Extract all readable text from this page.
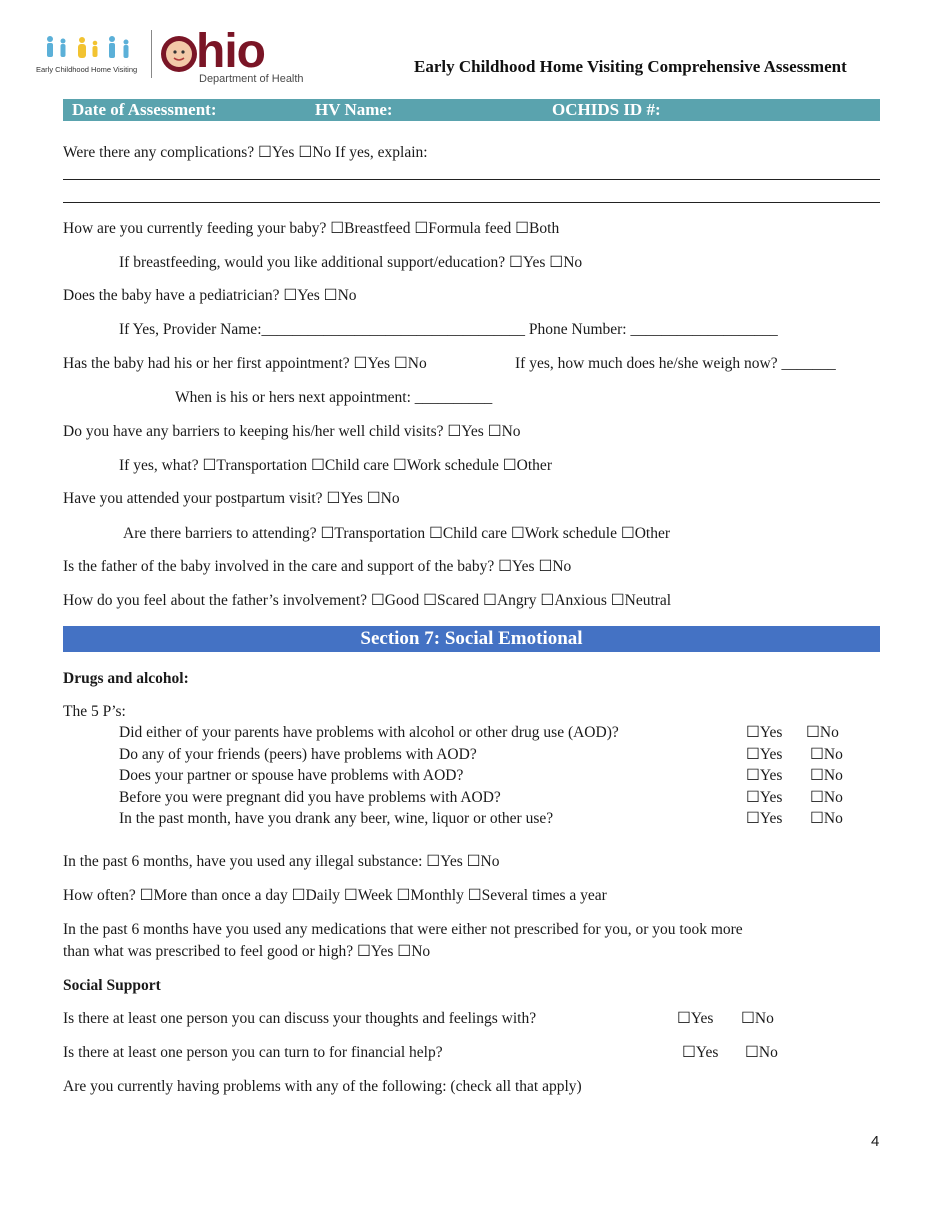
Early Childhood Home Visiting hio
Department of Health
Early Childhood Home Visiting Comprehensive Assessment
Date of Assessment:	HV Name:	OCHIDS ID #:
Were there any complications? ☐Yes ☐No If yes, explain:
How are you currently feeding your baby? ☐Breastfeed ☐Formula feed ☐Both
If breastfeeding, would you like additional support/education? ☐Yes ☐No
Does the baby have a pediatrician? ☐Yes ☐No
If Yes, Provider Name:__________________________________ Phone Number: ___________________
Has the baby had his or her first appointment? ☐Yes ☐No	If yes, how much does he/she weigh now? _______
When is his or hers next appointment: __________
Do you have any barriers to keeping his/her well child visits? ☐Yes ☐No
If yes, what? ☐Transportation ☐Child care ☐Work schedule ☐Other
Have you attended your postpartum visit? ☐Yes ☐No
Are there barriers to attending? ☐Transportation ☐Child care ☐Work schedule ☐Other
Is the father of the baby involved in the care and support of the baby? ☐Yes ☐No
How do you feel about the father’s involvement? ☐Good ☐Scared ☐Angry ☐Anxious ☐Neutral
Section 7: Social Emotional
Drugs and alcohol:
The 5 P’s:
Did either of your parents have problems with alcohol or other drug use (AOD)?	☐Yes ☐No
Do any of your friends (peers) have problems with AOD?	☐Yes ☐No
Does your partner or spouse have problems with AOD?	☐Yes ☐No
Before you were pregnant did you have problems with AOD?	☐Yes ☐No
In the past month, have you drank any beer, wine, liquor or other use?	☐Yes ☐No
In the past 6 months, have you used any illegal substance: ☐Yes ☐No
How often? ☐More than once a day ☐Daily ☐Week ☐Monthly ☐Several times a year
In the past 6 months have you used any medications that were either not prescribed for you, or you took more
than what was prescribed to feel good or high? ☐Yes ☐No
Social Support
Is there at least one person you can discuss your thoughts and feelings with?	☐Yes ☐No
Is there at least one person you can turn to for financial help?	☐Yes ☐No
Are you currently having problems with any of the following: (check all that apply)
4
